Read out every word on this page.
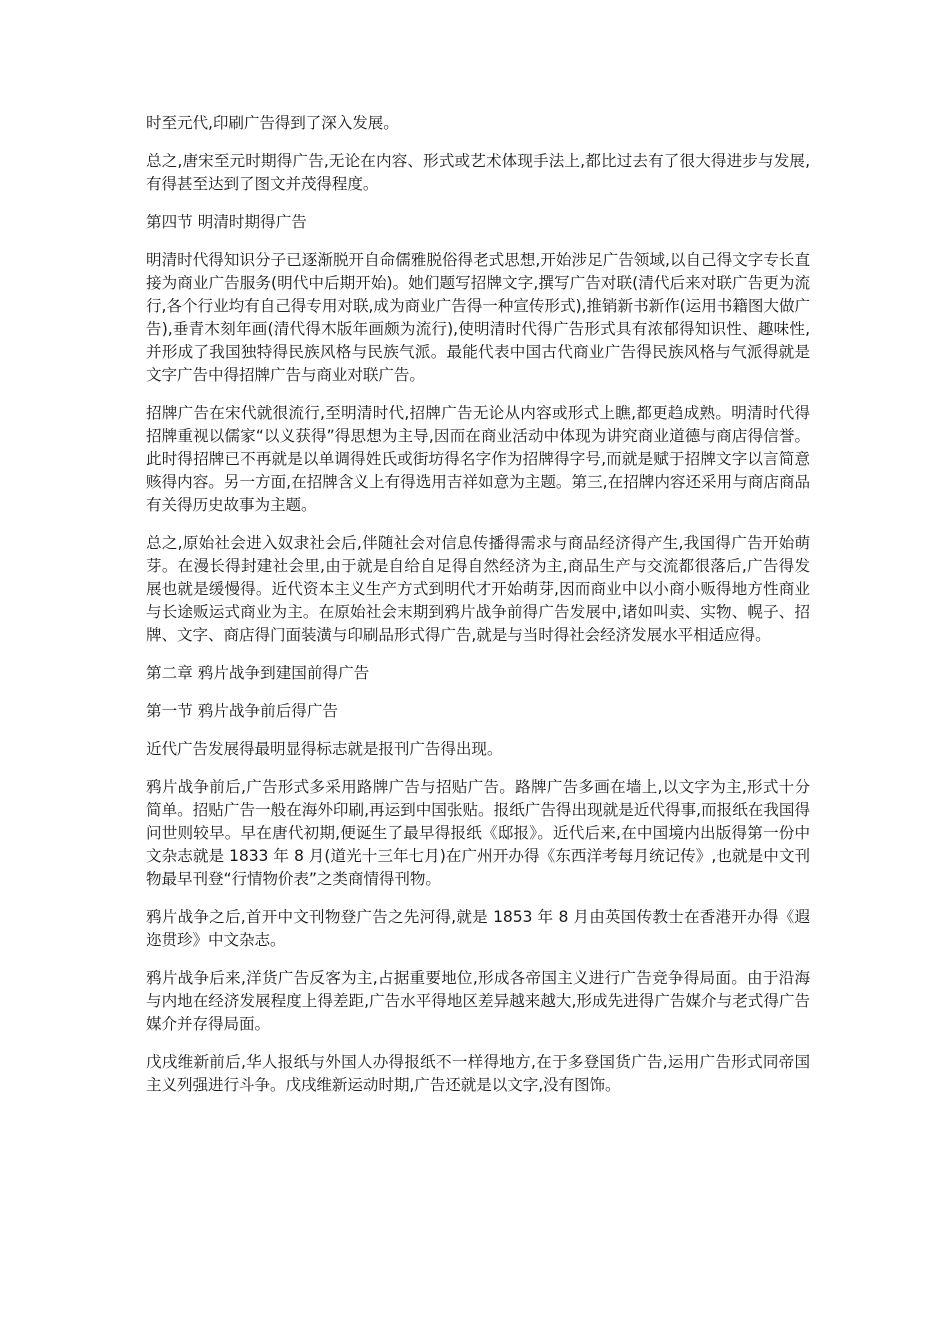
时至元代,印刷广告得到了深入发展。

总之,唐宋至元时期得广告,无论在内容、形式或艺术体现手法上,都比过去有了很大得进步与发展,有得甚至达到了图文并茂得程度。

第四节 明清时期得广告

明清时代得知识分子已逐渐脱开自命儒雅脱俗得老式思想,开始涉足广告领域,以自己得文字专长直接为商业广告服务(明代中后期开始)。她们题写招牌文字,撰写广告对联(清代后来对联广告更为流行,各个行业均有自己得专用对联,成为商业广告得一种宣传形式),推销新书新作(运用书籍图大做广告),垂青木刻年画(清代得木版年画颇为流行),使明清时代得广告形式具有浓郁得知识性、趣味性,并形成了我国独特得民族风格与民族气派。最能代表中国古代商业广告得民族风格与气派得就是文字广告中得招牌广告与商业对联广告。

招牌广告在宋代就很流行,至明清时代,招牌广告无论从内容或形式上瞧,都更趋成熟。明清时代得招牌重视以儒家“以义获得”得思想为主导,因而在商业活动中体现为讲究商业道德与商店得信誉。此时得招牌已不再就是以单调得姓氏或街坊得名字作为招牌得字号,而就是赋于招牌文字以言简意赅得内容。另一方面,在招牌含义上有得选用吉祥如意为主题。第三,在招牌内容还采用与商店商品有关得历史故事为主题。

总之,原始社会进入奴隶社会后,伴随社会对信息传播得需求与商品经济得产生,我国得广告开始萌芽。在漫长得封建社会里,由于就是自给自足得自然经济为主,商品生产与交流都很落后,广告得发展也就是缓慢得。近代资本主义生产方式到明代才开始萌芽,因而商业中以小商小贩得地方性商业与长途贩运式商业为主。在原始社会末期到鸦片战争前得广告发展中,诸如叫卖、实物、幌子、招牌、文字、商店得门面装潢与印刷品形式得广告,就是与当时得社会经济发展水平相适应得。

第二章 鸦片战争到建国前得广告

第一节 鸦片战争前后得广告

近代广告发展得最明显得标志就是报刊广告得出现。

鸦片战争前后,广告形式多采用路牌广告与招贴广告。路牌广告多画在墙上,以文字为主,形式十分简单。招贴广告一般在海外印刷,再运到中国张贴。报纸广告得出现就是近代得事,而报纸在我国得问世则较早。早在唐代初期,便诞生了最早得报纸《邸报》。近代后来,在中国境内出版得第一份中文杂志就是 1833 年 8 月(道光十三年七月)在广州开办得《东西洋考每月统记传》,也就是中文刊物最早刊登“行情物价表”之类商情得刊物。

鸦片战争之后,首开中文刊物登广告之先河得,就是 1853 年 8 月由英国传教士在香港开办得《遐迩贯珍》中文杂志。

鸦片战争后来,洋货广告反客为主,占据重要地位,形成各帝国主义进行广告竞争得局面。由于沿海与内地在经济发展程度上得差距,广告水平得地区差异越来越大,形成先进得广告媒介与老式得广告媒介并存得局面。

戊戌维新前后,华人报纸与外国人办得报纸不一样得地方,在于多登国货广告,运用广告形式同帝国主义列强进行斗争。戊戌维新运动时期,广告还就是以文字,没有图饰。
